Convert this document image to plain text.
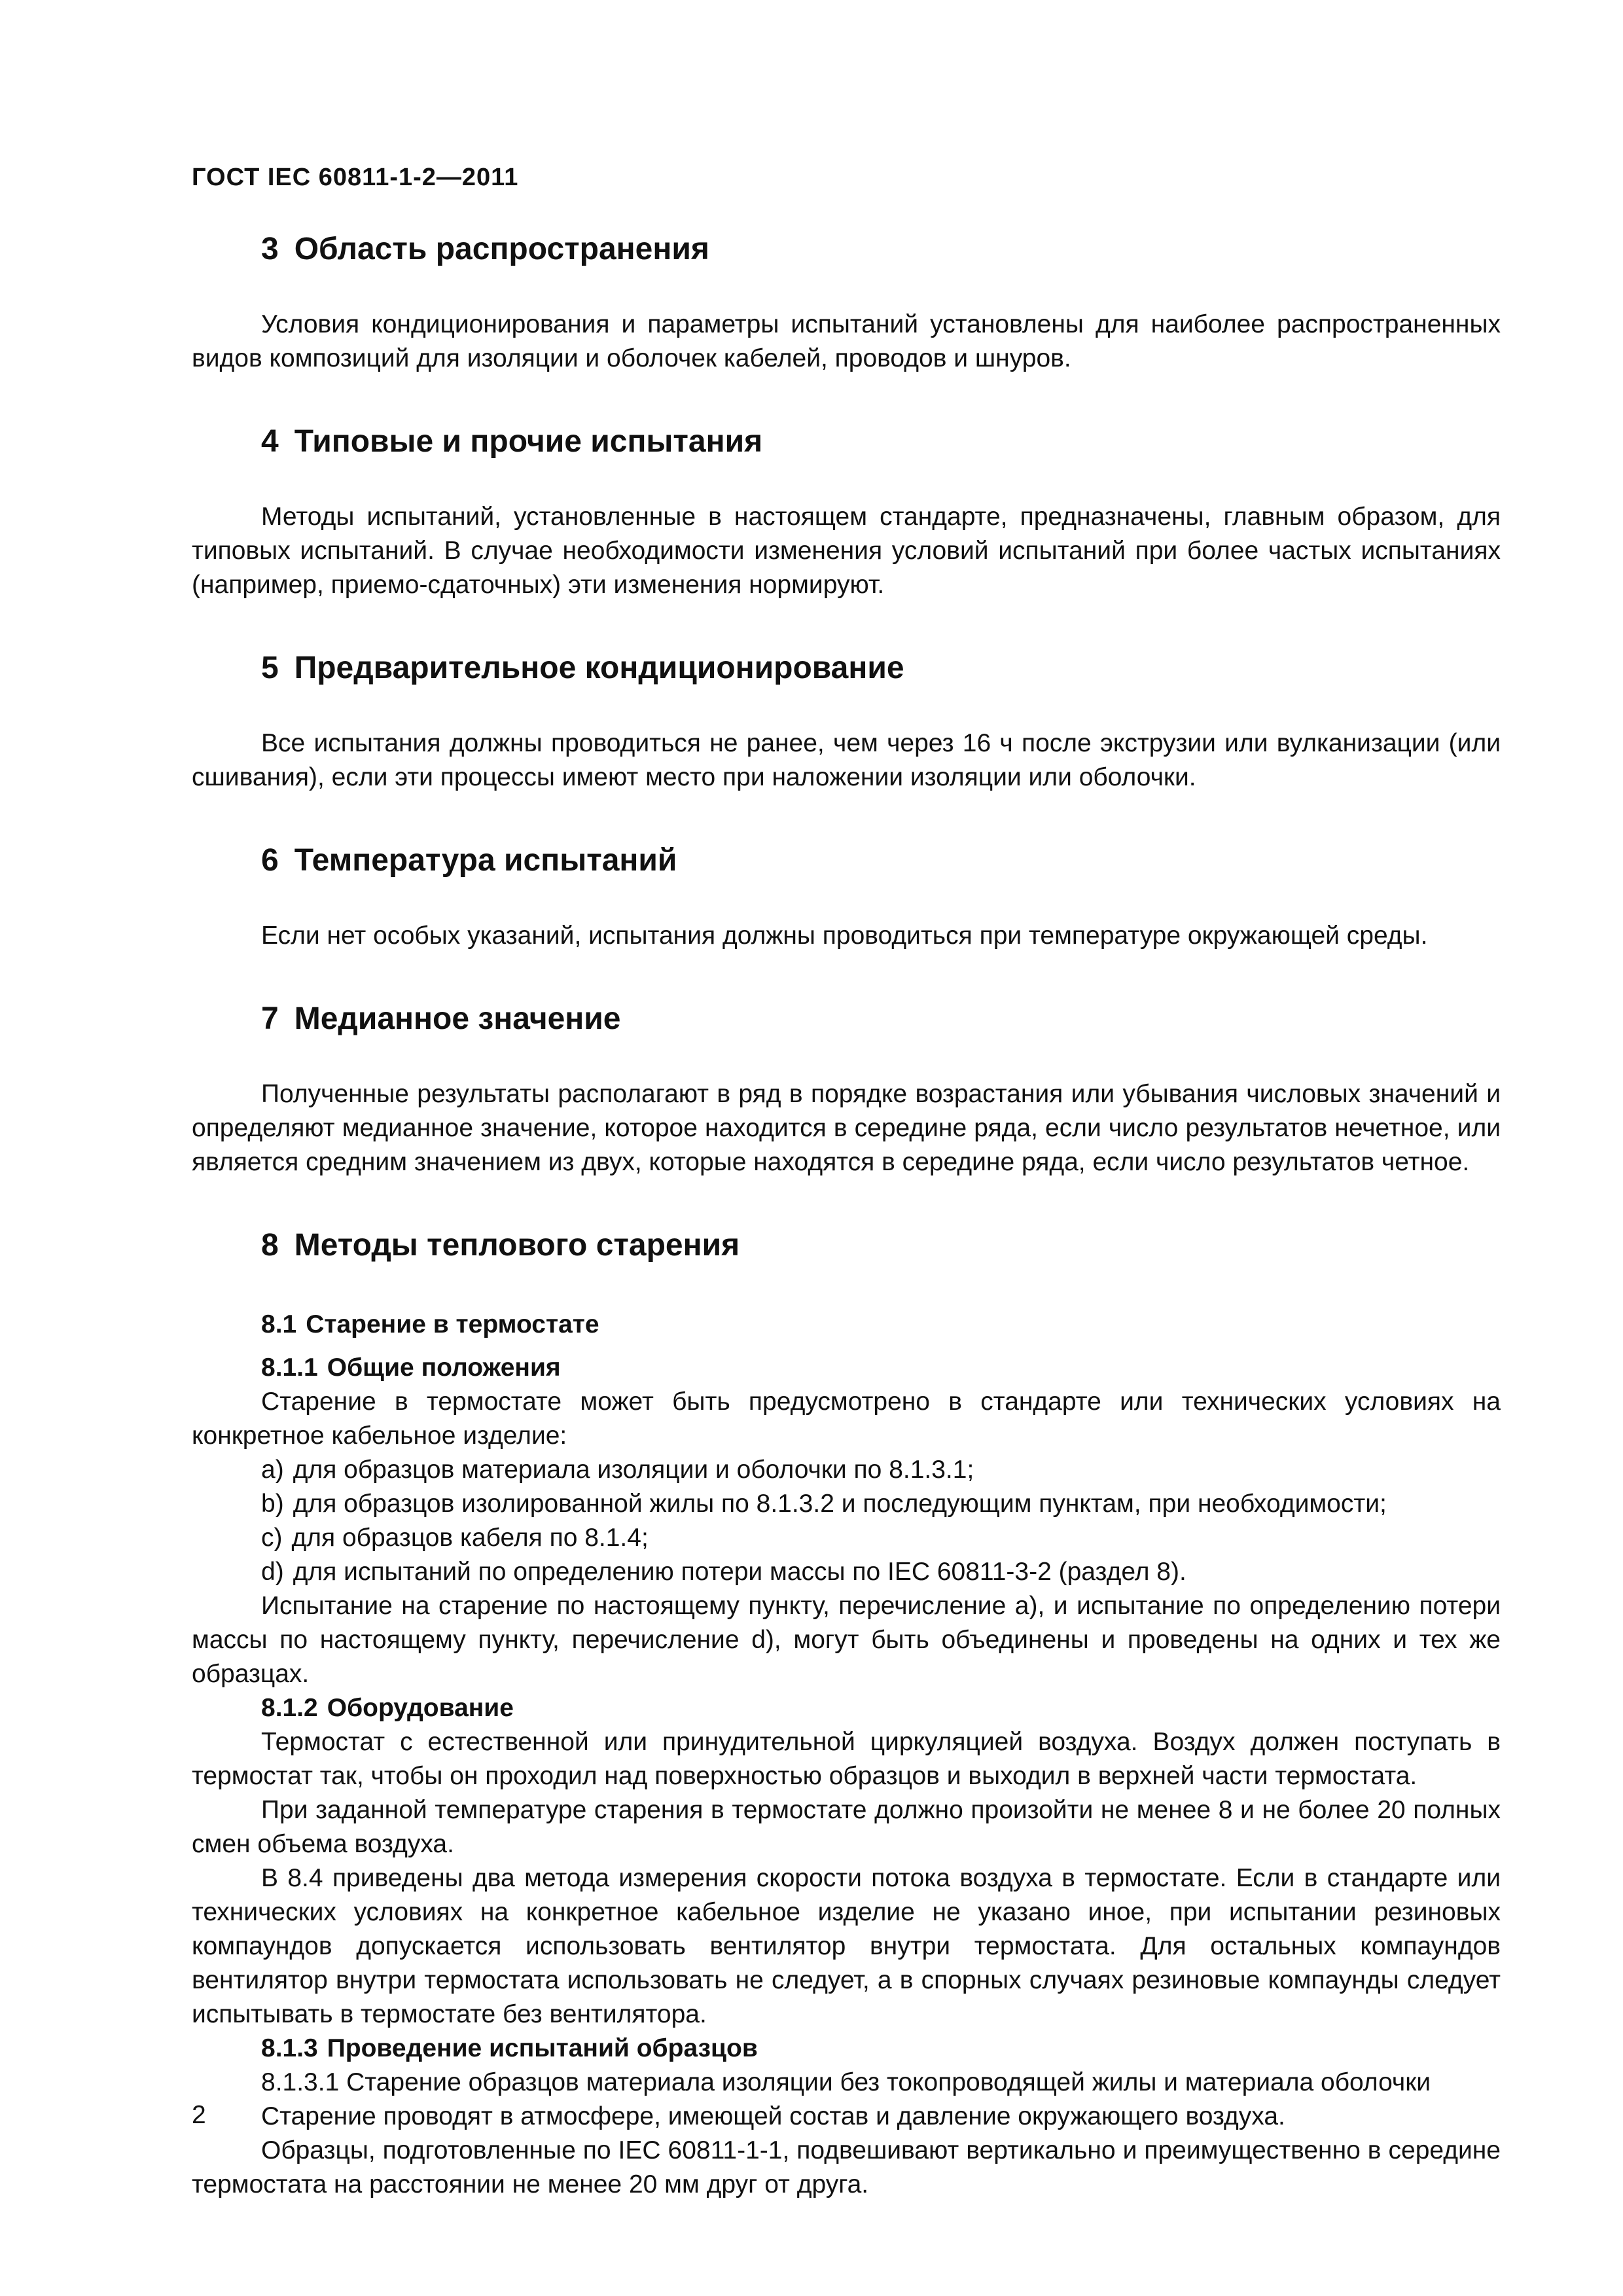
ГОСТ IEC 60811-1-2—2011
3 Область распространения

Условия кондиционирования и параметры испытаний установлены для наиболее распространенных видов композиций для изоляции и оболочек кабелей, проводов и шнуров.

4 Типовые и прочие испытания

Методы испытаний, установленные в настоящем стандарте, предназначены, главным образом, для типовых испытаний. В случае необходимости изменения условий испытаний при более частых испытаниях (например, приемо-сдаточных) эти изменения нормируют.

5 Предварительное кондиционирование

Все испытания должны проводиться не ранее, чем через 16 ч после экструзии или вулканизации (или сшивания), если эти процессы имеют место при наложении изоляции или оболочки.

6 Температура испытаний

Если нет особых указаний, испытания должны проводиться при температуре окружающей среды.

7 Медианное значение

Полученные результаты располагают в ряд в порядке возрастания или убывания числовых значений и определяют медианное значение, которое находится в середине ряда, если число результатов нечетное, или является средним значением из двух, которые находятся в середине ряда, если число результатов четное.

8 Методы теплового старения
8.1 Старение в термостате
8.1.1 Общие положения

Старение в термостате может быть предусмотрено в стандарте или технических условиях на конкретное кабельное изделие:

a) для образцов материала изоляции и оболочки по 8.1.3.1;
b) для образцов изолированной жилы по 8.1.3.2 и последующим пунктам, при необходимости;
c) для образцов кабеля по 8.1.4;
d) для испытаний по определению потери массы по IEC 60811-3-2 (раздел 8).

Испытание на старение по настоящему пункту, перечисление a), и испытание по определению потери массы по настоящему пункту, перечисление d), могут быть объединены и проведены на одних и тех же образцах.

8.1.2 Оборудование

Термостат с естественной или принудительной циркуляцией воздуха. Воздух должен поступать в термостат так, чтобы он проходил над поверхностью образцов и выходил в верхней части термостата.

При заданной температуре старения в термостате должно произойти не менее 8 и не более 20 полных смен объема воздуха.

В 8.4 приведены два метода измерения скорости потока воздуха в термостате. Если в стандарте или технических условиях на конкретное кабельное изделие не указано иное, при испытании резиновых компаундов допускается использовать вентилятор внутри термостата. Для остальных компаундов вентилятор внутри термостата использовать не следует, а в спорных случаях резиновые компаунды следует испытывать в термостате без вентилятора.

8.1.3 Проведение испытаний образцов

8.1.3.1 Старение образцов материала изоляции без токопроводящей жилы и материала оболочки

Старение проводят в атмосфере, имеющей состав и давление окружающего воздуха.

Образцы, подготовленные по IEC 60811-1-1, подвешивают вертикально и преимущественно в середине термостата на расстоянии не менее 20 мм друг от друга.

2
